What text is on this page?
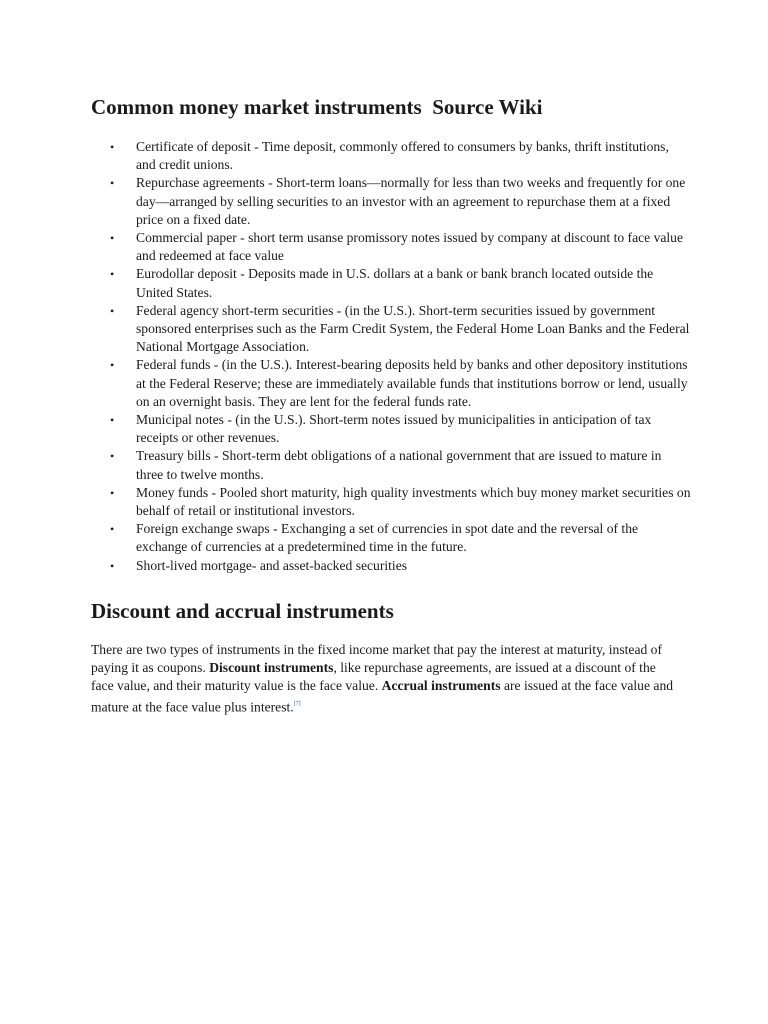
Common money market instruments  Source Wiki
• Certificate of deposit - Time deposit, commonly offered to consumers by banks, thrift institutions, and credit unions.
• Repurchase agreements - Short-term loans—normally for less than two weeks and frequently for one day—arranged by selling securities to an investor with an agreement to repurchase them at a fixed price on a fixed date.
• Commercial paper - short term usanse promissory notes issued by company at discount to face value and redeemed at face value
• Eurodollar deposit - Deposits made in U.S. dollars at a bank or bank branch located outside the United States.
• Federal agency short-term securities - (in the U.S.). Short-term securities issued by government sponsored enterprises such as the Farm Credit System, the Federal Home Loan Banks and the Federal National Mortgage Association.
• Federal funds - (in the U.S.). Interest-bearing deposits held by banks and other depository institutions at the Federal Reserve; these are immediately available funds that institutions borrow or lend, usually on an overnight basis. They are lent for the federal funds rate.
• Municipal notes - (in the U.S.). Short-term notes issued by municipalities in anticipation of tax receipts or other revenues.
• Treasury bills - Short-term debt obligations of a national government that are issued to mature in three to twelve months.
• Money funds - Pooled short maturity, high quality investments which buy money market securities on behalf of retail or institutional investors.
• Foreign exchange swaps - Exchanging a set of currencies in spot date and the reversal of the exchange of currencies at a predetermined time in the future.
• Short-lived mortgage- and asset-backed securities
Discount and accrual instruments

There are two types of instruments in the fixed income market that pay the interest at maturity, instead of paying it as coupons. Discount instruments, like repurchase agreements, are issued at a discount of the face value, and their maturity value is the face value. Accrual instruments are issued at the face value and mature at the face value plus interest.[7]
